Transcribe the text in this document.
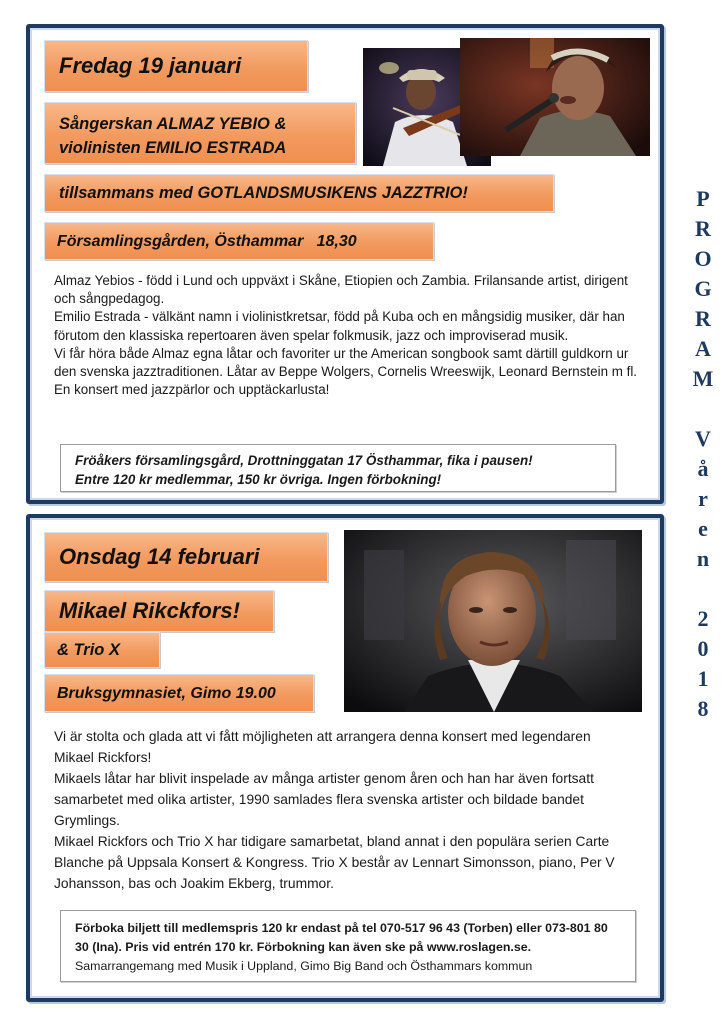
Fredag 19 januari
Sångerskan ALMAZ YEBIO &
violinisten EMILIO ESTRADA
tillsammans med GOTLANDSMUSIKENS JAZZTRIO!
Församlingsgården, Östhammar   18,30
Almaz Yebios - född i Lund och uppväxt i Skåne, Etiopien och Zambia. Frilansande artist, dirigent och sångpedagog.
Emilio Estrada - välkänt namn i violinistkretsar, född på Kuba och en mångsidig musiker, där han förutom den klassiska repertoaren även spelar folkmusik, jazz och improviserad musik.
Vi får höra både Almaz egna låtar och favoriter ur the American songbook samt därtill guldkorn ur den svenska jazztraditionen. Låtar av Beppe Wolgers, Cornelis Wreeswijk, Leonard Bernstein m fl. En konsert med jazzpärlor och upptäckarlusta!
Fröåkers församlingsgård, Drottninggatan 17 Östhammar, fika i pausen!
Entre 120 kr medlemmar, 150 kr övriga. Ingen förbokning!
Onsdag 14 februari
Mikael Rikckfors!
& Trio X
Bruksgymnasiet, Gimo 19.00
Vi är stolta och glada att vi fått möjligheten att arrangera denna konsert med legendaren Mikael Rickfors!
Mikaels låtar har blivit inspelade av många artister genom åren och han har även fortsatt samarbetet med olika artister, 1990 samlades flera svenska artister och bildade bandet Grymlings.
Mikael Rickfors och Trio X har tidigare samarbetat, bland annat i den populära serien Carte Blanche på Uppsala Konsert & Kongress. Trio X består av Lennart Simonsson, piano, Per V Johansson, bas och Joakim Ekberg, trummor.
Förboka biljett till medlemspris 120 kr endast på tel 070-517 96 43 (Torben) eller 073-801 80 30 (Ina). Pris vid entrén 170 kr. Förbokning kan även ske på www.roslagen.se.
Samarrangemang med Musik i Uppland, Gimo Big Band och Östhammars kommun
P
R
O
G
R
A
M
V
å
r
e
n
2
0
1
8
